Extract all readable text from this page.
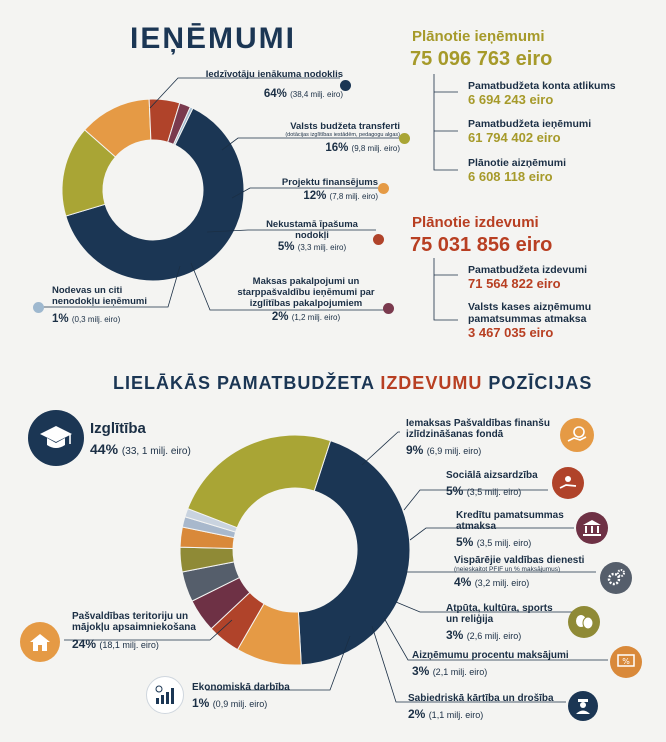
IEŅĒMUMI
Iedzīvotāju ienākuma nodoklis
64% (38,4 milj. eiro)
Valsts budžeta transferti
(dotācijas izglītības iestādēm, pedagogu algas)
16% (9,8 milj. eiro)
Projektu finansējums
12% (7,8 milj. eiro)
Nekustamā īpašuma nodokļi
5% (3,3 milj. eiro)
Maksas pakalpojumi un starppašvaldību ieņēmumi par izglītības pakalpojumiem
2% (1,2 milj. eiro)
Nodevas un citi nenodokļu ieņēmumi
1% (0,3 milj. eiro)
Plānotie ieņēmumi
75 096 763 eiro
Pamatbudžeta konta atlikums
6 694 243 eiro
Pamatbudžeta ieņēmumi
61 794 402 eiro
Plānotie aizņēmumi
6 608 118 eiro
Plānotie izdevumi
75 031 856 eiro
Pamatbudžeta izdevumi
71 564 822 eiro
Valsts kases aizņēmumu pamatsummas atmaksa
3 467 035 eiro
LIELĀKĀS PAMATBUDŽETA IZDEVUMU POZĪCIJAS
Izglītība
44% (33, 1 milj. eiro)
Iemaksas Pašvaldības finanšu izlīdzināšanas fondā
9% (6,9 milj. eiro)
Sociālā aizsardzība
5% (3,5 milj. eiro)
Kredītu pamatsummas atmaksa
5% (3,5 milj. eiro)
Vispārējie valdības dienesti
(neieskaitot PFIF un % maksājumus)
4% (3,2 milj. eiro)
Atpūta, kultūra, sports un reliģija
3% (2,6 milj. eiro)
Aizņēmumu procentu maksājumi
3% (2,1 milj. eiro)
%
Sabiedriskā kārtība un drošība
2% (1,1 milj. eiro)
Ekonomiskā darbība
1% (0,9 milj. eiro)
Pašvaldības teritoriju un mājokļu apsaimniekošana
24% (18,1 milj. eiro)
